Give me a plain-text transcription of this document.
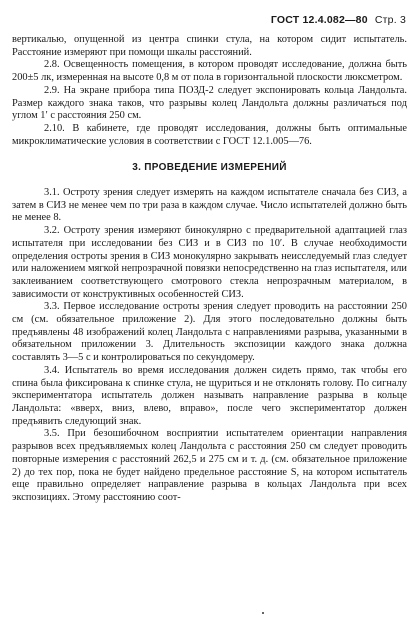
ГОСТ 12.4.082—80 Стр. 3

вертикалью, опущенной из центра спинки стула, на котором сидит испытатель. Расстояние измеряют при помощи шкалы расстояний.

2.8. Освещенность помещения, в котором проводят исследование, должна быть 200±5 лк, измеренная на высоте 0,8 м от пола в горизонтальной плоскости люксметром.

2.9. На экране прибора типа ПОЗД-2 следует экспонировать кольца Ландольта. Размер каждого знака таков, что разрывы колец Ландольта должны различаться под углом 1′ с расстояния 250 см.

2.10. В кабинете, где проводят исследования, должны быть оптимальные микроклиматические условия в соответствии с ГОСТ 12.1.005—76.

3. ПРОВЕДЕНИЕ ИЗМЕРЕНИЙ

3.1. Остроту зрения следует измерять на каждом испытателе сначала без СИЗ, а затем в СИЗ не менее чем по три раза в каждом случае. Число испытателей должно быть не менее 8.

3.2. Остроту зрения измеряют бинокулярно с предварительной адаптацией глаз испытателя при исследовании без СИЗ и в СИЗ по 10′. В случае необходимости определения остроты зрения в СИЗ монокулярно закрывать неисследуемый глаз следует или наложением мягкой непрозрачной повязки непосредственно на глаз испытателя, или заклеиванием соответствующего смотрового стекла непрозрачным материалом, в зависимости от конструктивных особенностей СИЗ.

3.3. Первое исследование остроты зрения следует проводить на расстоянии 250 см (см. обязательное приложение 2). Для этого последовательно должны быть предъявлены 48 изображений колец Ландольта с направлениями разрыва, указанными в обязательном приложении 3. Длительность экспозиции каждого знака должна составлять 3—5 с и контролироваться по секундомеру.

3.4. Испытатель во время исследования должен сидеть прямо, так чтобы его спина была фиксирована к спинке стула, не щуриться и не отклонять голову. По сигналу экспериментатора испытатель должен называть направление разрыва в кольце Ландольта: «вверх, вниз, влево, вправо», после чего экспериментатор должен предъявить следующий знак.

3.5. При безошибочном восприятии испытателем ориентации направления разрывов всех предъявляемых колец Ландольта с расстояния 250 см следует проводить повторные измерения с расстояний 262,5 и 275 см и т. д. (см. обязательное приложение 2) до тех пор, пока не будет найдено предельное расстояние S, на котором испытатель еще правильно определяет направление разрыва в кольцах Ландольта при всех экспозициях. Этому расстоянию соот-
